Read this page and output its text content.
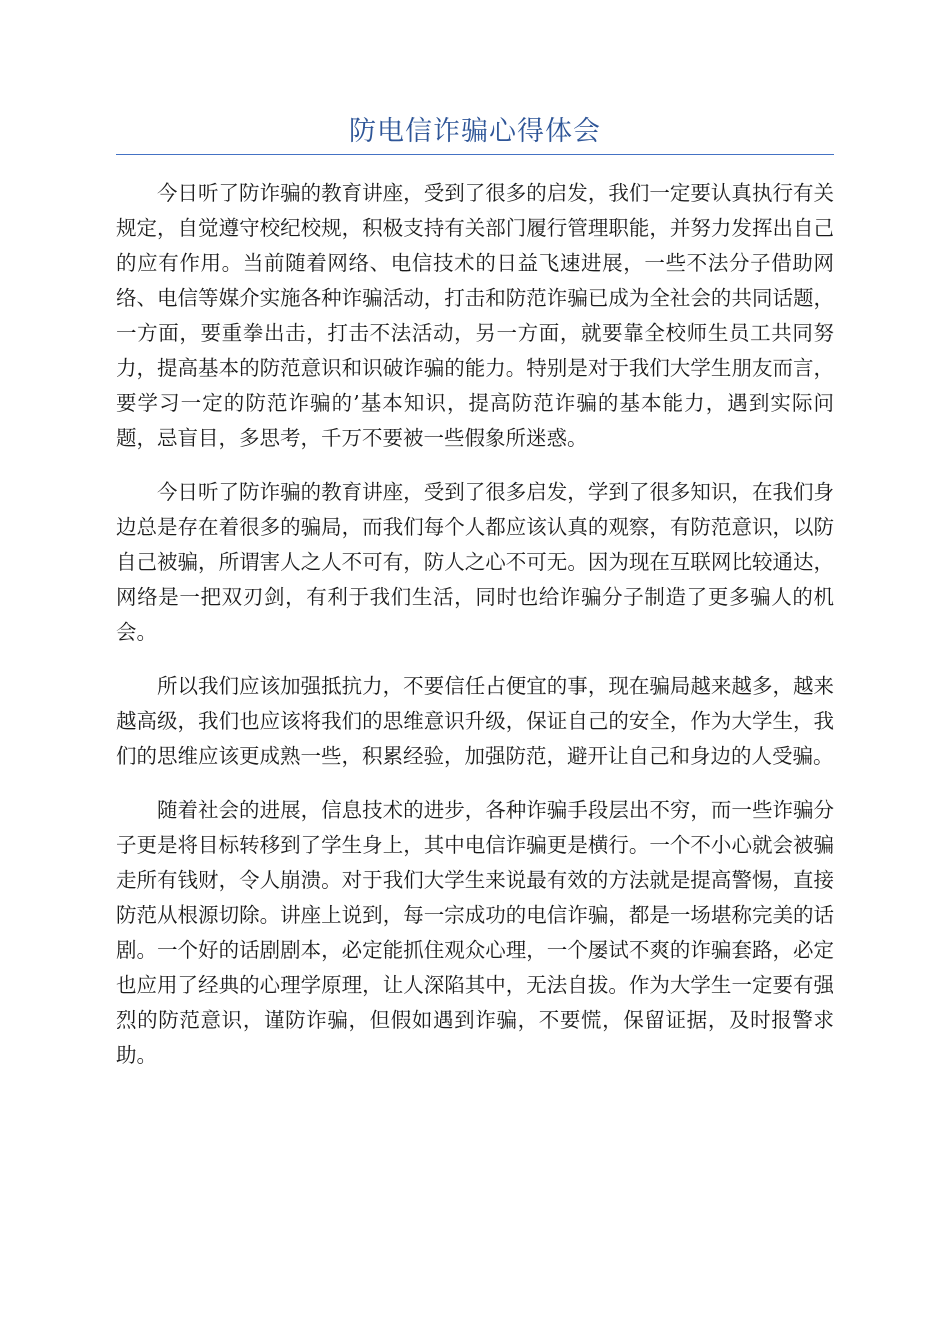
防电信诈骗心得体会

今日听了防诈骗的教育讲座，受到了很多的启发，我们一定要认真执行有关规定，自觉遵守校纪校规，积极支持有关部门履行管理职能，并努力发挥出自己的应有作用。当前随着网络、电信技术的日益飞速进展，一些不法分子借助网络、电信等媒介实施各种诈骗活动，打击和防范诈骗已成为全社会的共同话题，一方面，要重拳出击，打击不法活动，另一方面，就要靠全校师生员工共同努力，提高基本的防范意识和识破诈骗的能力。特别是对于我们大学生朋友而言，要学习一定的防范诈骗的’基本知识，提高防范诈骗的基本能力，遇到实际问题，忌盲目，多思考，千万不要被一些假象所迷惑。

今日听了防诈骗的教育讲座，受到了很多启发，学到了很多知识，在我们身边总是存在着很多的骗局，而我们每个人都应该认真的观察，有防范意识，以防自己被骗，所谓害人之人不可有，防人之心不可无。因为现在互联网比较通达，网络是一把双刃剑，有利于我们生活，同时也给诈骗分子制造了更多骗人的机会。

所以我们应该加强抵抗力，不要信任占便宜的事，现在骗局越来越多，越来越高级，我们也应该将我们的思维意识升级，保证自己的安全，作为大学生，我们的思维应该更成熟一些，积累经验，加强防范，避开让自己和身边的人受骗。

随着社会的进展，信息技术的进步，各种诈骗手段层出不穷，而一些诈骗分子更是将目标转移到了学生身上，其中电信诈骗更是横行。一个不小心就会被骗走所有钱财，令人崩溃。对于我们大学生来说最有效的方法就是提高警惕，直接防范从根源切除。讲座上说到，每一宗成功的电信诈骗，都是一场堪称完美的话剧。一个好的话剧剧本，必定能抓住观众心理，一个屡试不爽的诈骗套路，必定也应用了经典的心理学原理，让人深陷其中，无法自拔。作为大学生一定要有强烈的防范意识，谨防诈骗，但假如遇到诈骗，不要慌，保留证据，及时报警求助。
